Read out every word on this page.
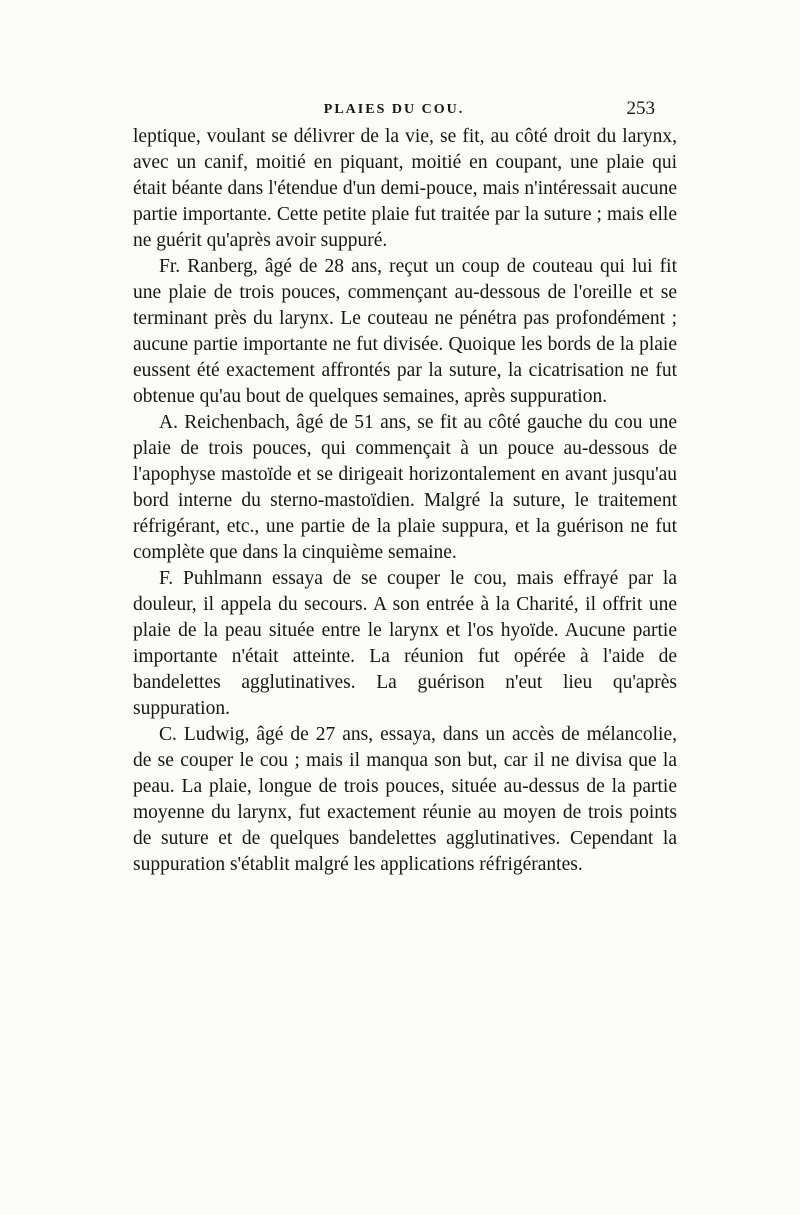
PLAIES DU COU.	253

leptique, voulant se délivrer de la vie, se fit, au côté droit du larynx, avec un canif, moitié en piquant, moitié en coupant, une plaie qui était béante dans l'étendue d'un demi-pouce, mais n'intéressait aucune partie importante. Cette petite plaie fut traitée par la suture ; mais elle ne guérit qu'après avoir suppuré.

Fr. Ranberg, âgé de 28 ans, reçut un coup de couteau qui lui fit une plaie de trois pouces, commençant au-dessous de l'oreille et se terminant près du larynx. Le couteau ne pénétra pas profondément ; aucune partie importante ne fut divisée. Quoique les bords de la plaie eussent été exactement affrontés par la suture, la cicatrisation ne fut obtenue qu'au bout de quelques semaines, après suppuration.

A. Reichenbach, âgé de 51 ans, se fit au côté gauche du cou une plaie de trois pouces, qui commençait à un pouce au-dessous de l'apophyse mastoïde et se dirigeait horizontalement en avant jusqu'au bord interne du sterno-mastoïdien. Malgré la suture, le traitement réfrigérant, etc., une partie de la plaie suppura, et la guérison ne fut complète que dans la cinquième semaine.

F. Puhlmann essaya de se couper le cou, mais effrayé par la douleur, il appela du secours. A son entrée à la Charité, il offrit une plaie de la peau située entre le larynx et l'os hyoïde. Aucune partie importante n'était atteinte. La réunion fut opérée à l'aide de bandelettes agglutinatives. La guérison n'eut lieu qu'après suppuration.

C. Ludwig, âgé de 27 ans, essaya, dans un accès de mélancolie, de se couper le cou ; mais il manqua son but, car il ne divisa que la peau. La plaie, longue de trois pouces, située au-dessus de la partie moyenne du larynx, fut exactement réunie au moyen de trois points de suture et de quelques bandelettes agglutinatives. Cependant la suppuration s'établit malgré les applications réfrigérantes.
